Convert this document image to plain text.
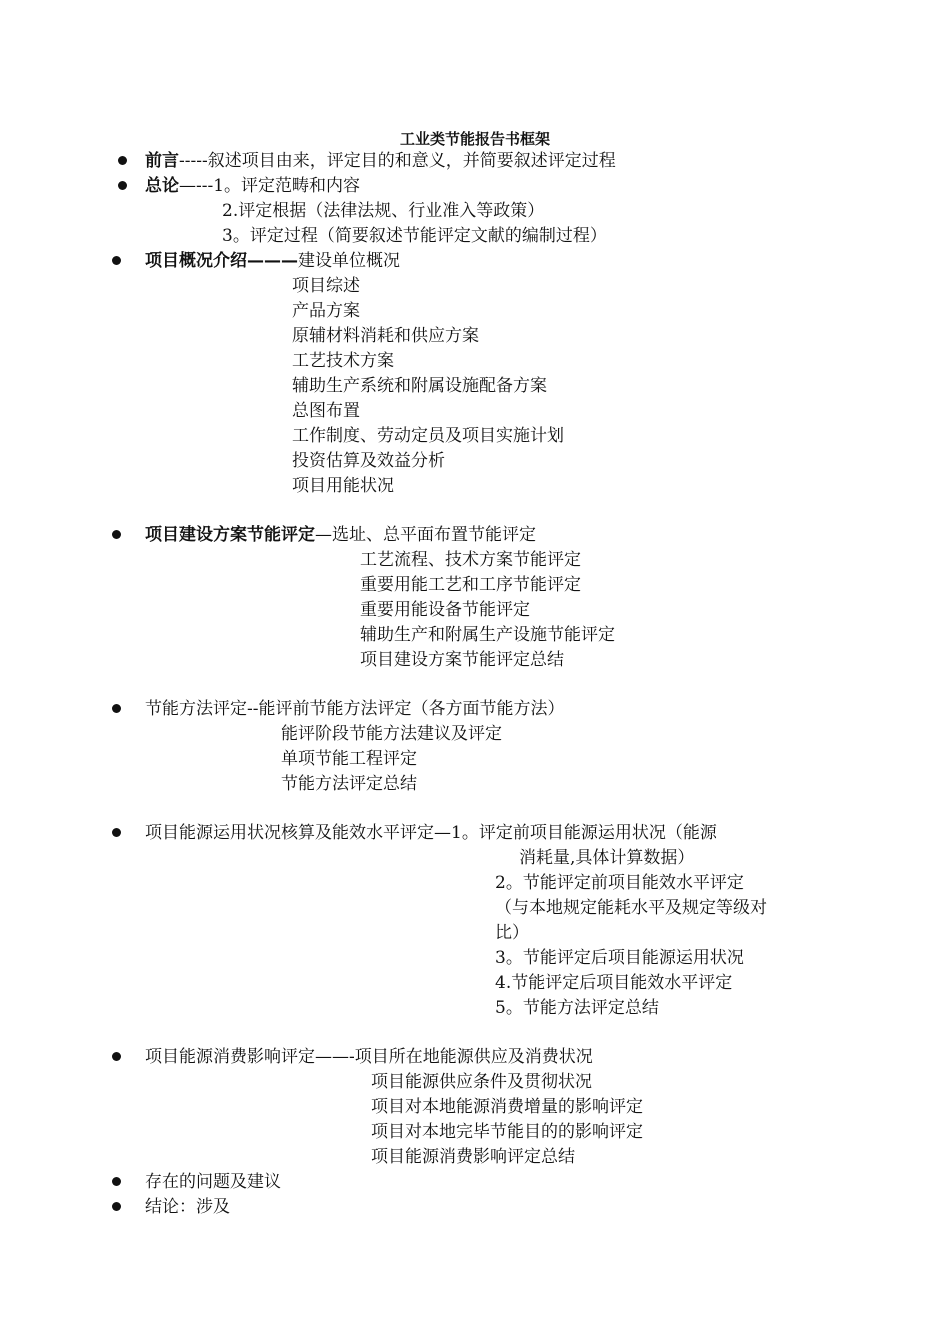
工业类节能报告书框架
前言-----叙述项目由来，评定目的和意义，并简要叙述评定过程
总论—---1。评定范畴和内容
2.评定根据（法律法规、行业准入等政策）
3。评定过程（简要叙述节能评定文献的编制过程）
项目概况介绍———建设单位概况
项目综述
产品方案
原辅材料消耗和供应方案
工艺技术方案
辅助生产系统和附属设施配备方案
总图布置
工作制度、劳动定员及项目实施计划
投资估算及效益分析
项目用能状况
项目建设方案节能评定—选址、总平面布置节能评定
工艺流程、技术方案节能评定
重要用能工艺和工序节能评定
重要用能设备节能评定
辅助生产和附属生产设施节能评定
项目建设方案节能评定总结
节能方法评定--能评前节能方法评定（各方面节能方法）
能评阶段节能方法建议及评定
单项节能工程评定
节能方法评定总结
项目能源运用状况核算及能效水平评定—1。评定前项目能源运用状况（能源
消耗量,具体计算数据）
2。节能评定前项目能效水平评定
（与本地规定能耗水平及规定等级对
比）
3。节能评定后项目能源运用状况
4.节能评定后项目能效水平评定
5。节能方法评定总结
项目能源消费影响评定——-项目所在地能源供应及消费状况
项目能源供应条件及贯彻状况
项目对本地能源消费增量的影响评定
项目对本地完毕节能目的的影响评定
项目能源消费影响评定总结
存在的问题及建议
结论：涉及
